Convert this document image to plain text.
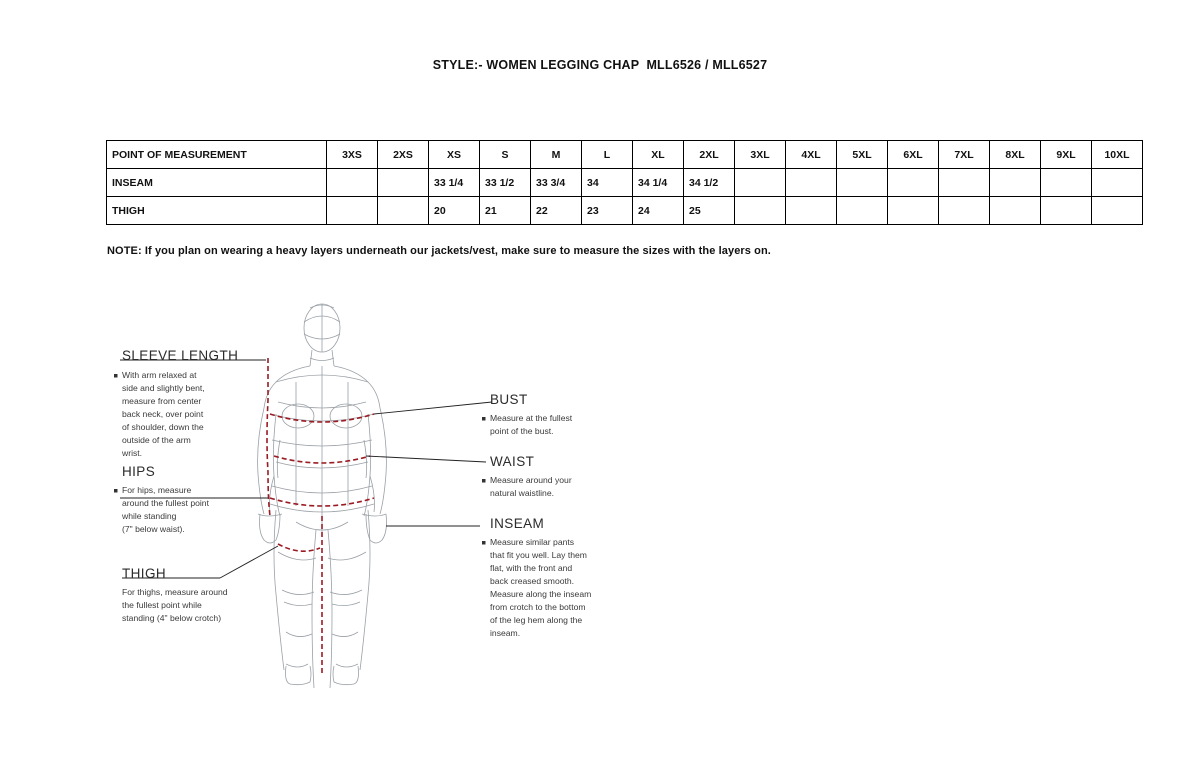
STYLE:- WOMEN LEGGING CHAP  MLL6526 / MLL6527
POINT OF MEASUREMENT	3XS	2XS	XS	S	M	L	XL	2XL	3XL	4XL	5XL	6XL	7XL	8XL	9XL	10XL
INSEAM			33 1/4	33 1/2	33 3/4	34	34 1/4	34 1/2								
THIGH			20	21	22	23	24	25								
NOTE: If you plan on wearing a heavy layers underneath our jackets/vest, make sure to measure the sizes with the layers on.
SLEEVE LENGTH
With arm relaxed at
side and slightly bent,
measure from center
back neck, over point
of shoulder, down the
outside of the arm
wrist.
HIPS
For hips, measure
around the fullest point
while standing
(7" below waist).
THIGH
For thighs, measure around
the fullest point while
standing (4" below crotch)
BUST
Measure at the fullest
point of the bust.
WAIST
Measure around your
natural waistline.
INSEAM
Measure similar pants
that fit you well. Lay them
flat, with the front and
back creased smooth.
Measure along the inseam
from crotch to the bottom
of the leg hem along the
inseam.
